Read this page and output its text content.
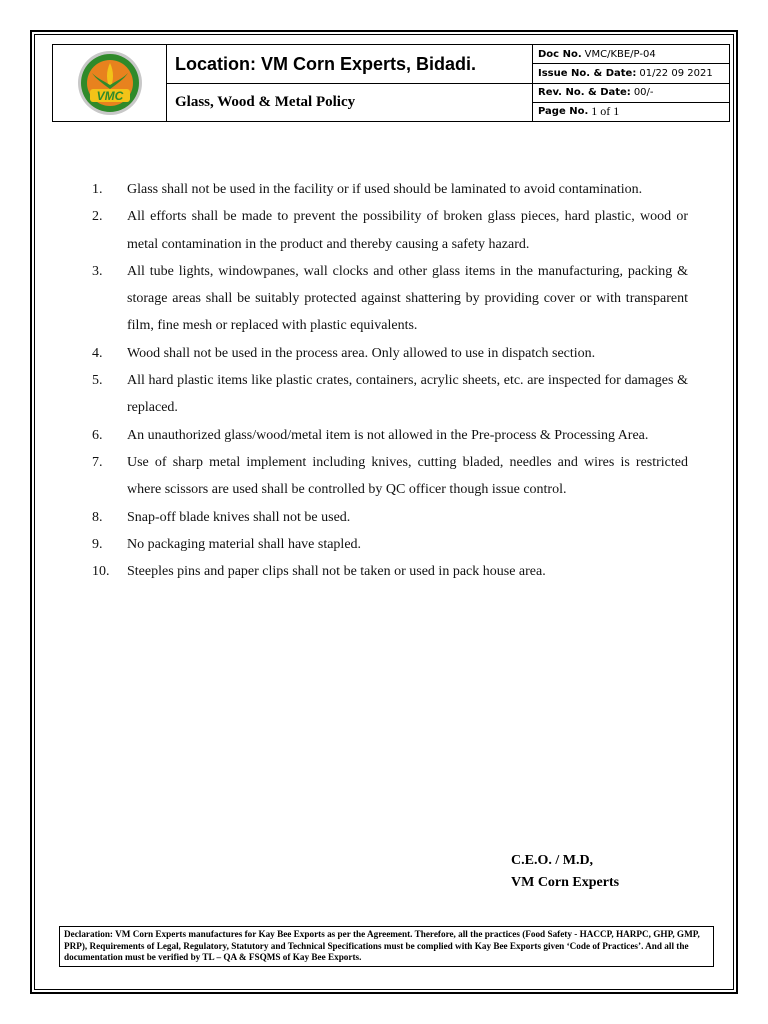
VMC
Location: VM Corn Experts, Bidadi.
Glass, Wood & Metal Policy
Doc No. VMC/KBE/P-04
Issue No. & Date: 01/22 09 2021
Rev. No. & Date: 00/-
Page No. 1 of 1
1.	Glass shall not be used in the facility or if used should be laminated to avoid contamination.
2.	All efforts shall be made to prevent the possibility of broken glass pieces, hard plastic, wood or metal contamination in the product and thereby causing a safety hazard.
3.	All tube lights, windowpanes, wall clocks and other glass items in the manufacturing, packing & storage areas shall be suitably protected against shattering by providing cover or with transparent film, fine mesh or replaced with plastic equivalents.
4.	Wood shall not be used in the process area. Only allowed to use in dispatch section.
5.	All hard plastic items like plastic crates, containers, acrylic sheets, etc. are inspected for damages & replaced.
6.	An unauthorized glass/wood/metal item is not allowed in the Pre-process & Processing Area.
7.	Use of sharp metal implement including knives, cutting bladed, needles and wires is restricted where scissors are used shall be controlled by QC officer though issue control.
8.	Snap-off blade knives shall not be used.
9.	No packaging material shall have stapled.
10.	Steeples pins and paper clips shall not be taken or used in pack house area.
C.E.O. / M.D,
VM Corn Experts
Declaration: VM Corn Experts manufactures for Kay Bee Exports as per the Agreement. Therefore, all the practices (Food Safety - HACCP, HARPC, GHP, GMP, PRP), Requirements of Legal, Regulatory, Statutory and Technical Specifications must be complied with Kay Bee Exports given ‘Code of Practices’. And all the documentation must be verified by TL – QA & FSQMS of Kay Bee Exports.
